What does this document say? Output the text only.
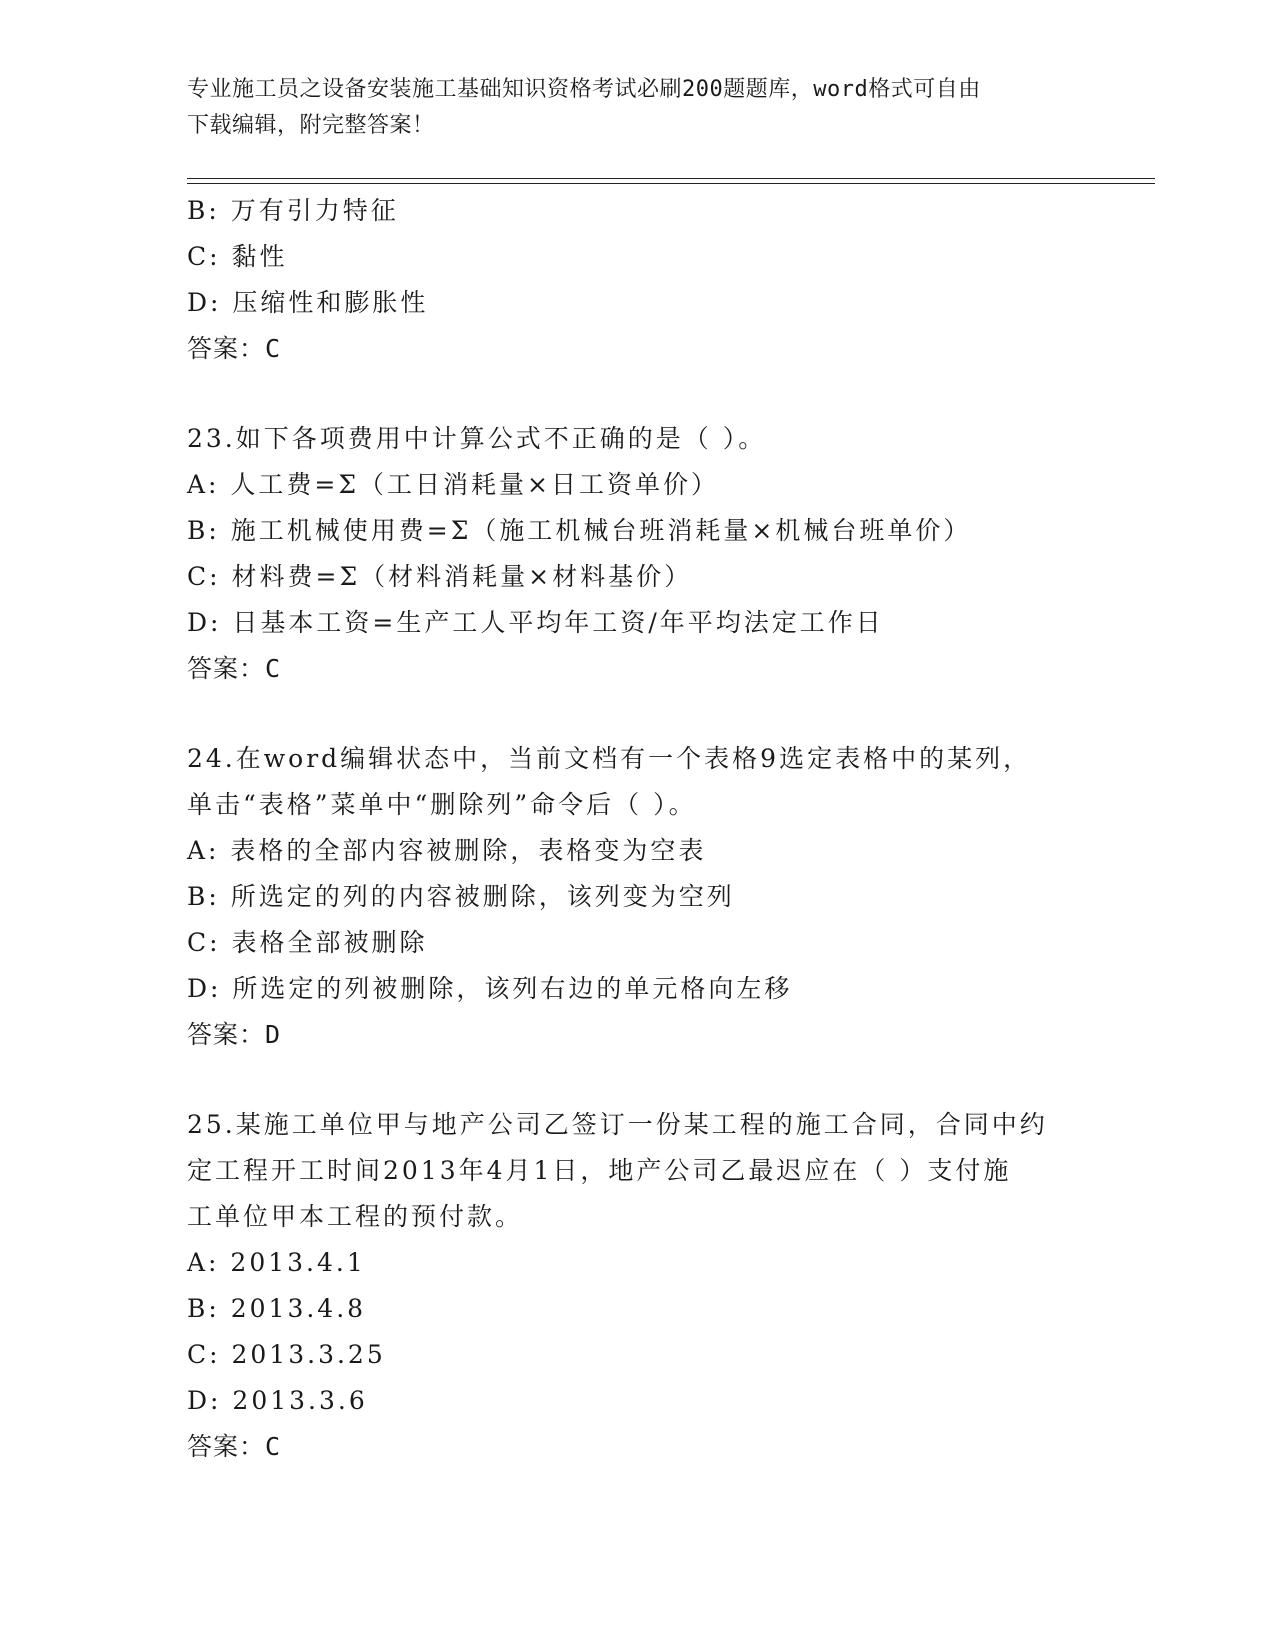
专业施工员之设备安装施工基础知识资格考试必刷200题题库，word格式可自由
下载编辑，附完整答案！
B: 万有引力特征
C: 黏性
D: 压缩性和膨胀性
答案：C
23.如下各项费用中计算公式不正确的是（ ）。
A: 人工费=Σ（工日消耗量×日工资单价）
B: 施工机械使用费=Σ（施工机械台班消耗量×机械台班单价）
C: 材料费=Σ（材料消耗量×材料基价）
D: 日基本工资=生产工人平均年工资/年平均法定工作日
答案：C
24.在word编辑状态中，当前文档有一个表格9选定表格中的某列，
单击“表格”菜单中“删除列”命令后（ ）。
A: 表格的全部内容被删除，表格变为空表
B: 所选定的列的内容被删除，该列变为空列
C: 表格全部被删除
D: 所选定的列被删除，该列右边的单元格向左移
答案：D
25.某施工单位甲与地产公司乙签订一份某工程的施工合同，合同中约
定工程开工时间2013年4月1日，地产公司乙最迟应在（ ）支付施
工单位甲本工程的预付款。
A: 2013.4.1
B: 2013.4.8
C: 2013.3.25
D: 2013.3.6
答案：C
